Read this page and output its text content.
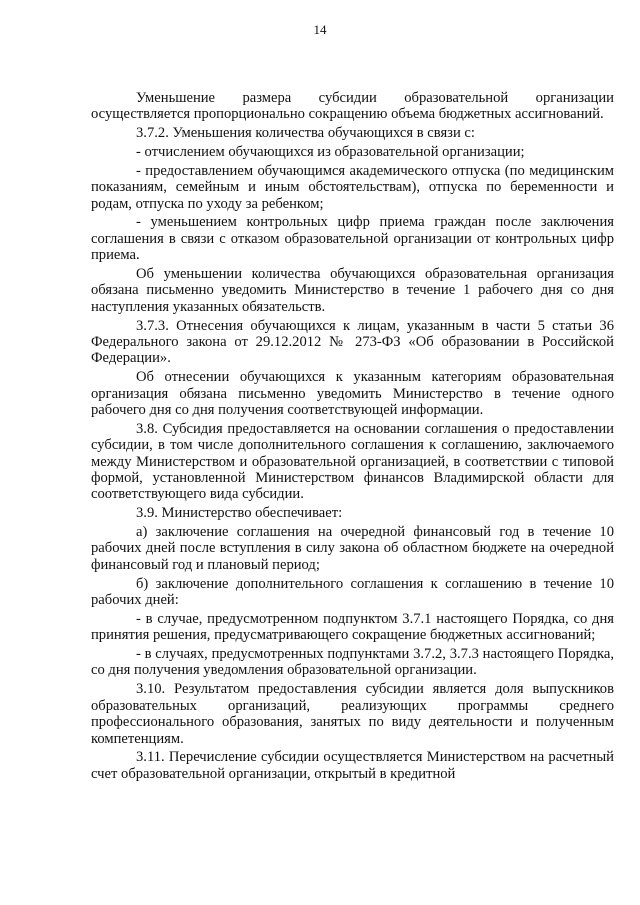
14

Уменьшение размера субсидии образовательной организации осуществляется пропорционально сокращению объема бюджетных ассигнований.

3.7.2. Уменьшения количества обучающихся в связи с:

- отчислением обучающихся из образовательной организации;

- предоставлением обучающимся академического отпуска (по медицинским показаниям, семейным и иным обстоятельствам), отпуска по беременности и родам, отпуска по уходу за ребенком;

- уменьшением контрольных цифр приема граждан после заключения соглашения в связи с отказом образовательной организации от контрольных цифр приема.

Об уменьшении количества обучающихся образовательная организация обязана письменно уведомить Министерство в течение 1 рабочего дня со дня наступления указанных обязательств.

3.7.3. Отнесения обучающихся к лицам, указанным в части 5 статьи 36 Федерального закона от 29.12.2012 № 273-ФЗ «Об образовании в Российской Федерации».

Об отнесении обучающихся к указанным категориям образовательная организация обязана письменно уведомить Министерство в течение одного рабочего дня со дня получения соответствующей информации.

3.8. Субсидия предоставляется на основании соглашения о предоставлении субсидии, в том числе дополнительного соглашения к соглашению, заключаемого между Министерством и образовательной организацией, в соответствии с типовой формой, установленной Министерством финансов Владимирской области для соответствующего вида субсидии.

3.9. Министерство обеспечивает:

а) заключение соглашения на очередной финансовый год в течение 10 рабочих дней после вступления в силу закона об областном бюджете на очередной финансовый год и плановый период;

б) заключение дополнительного соглашения к соглашению в течение 10 рабочих дней:

- в случае, предусмотренном подпунктом 3.7.1 настоящего Порядка, со дня принятия решения, предусматривающего сокращение бюджетных ассигнований;

- в случаях, предусмотренных подпунктами 3.7.2, 3.7.3 настоящего Порядка, со дня получения уведомления образовательной организации.

3.10. Результатом предоставления субсидии является доля выпускников образовательных организаций, реализующих программы среднего профессионального образования, занятых по виду деятельности и полученным компетенциям.

3.11. Перечисление субсидии осуществляется Министерством на расчетный счет образовательной организации, открытый в кредитной
